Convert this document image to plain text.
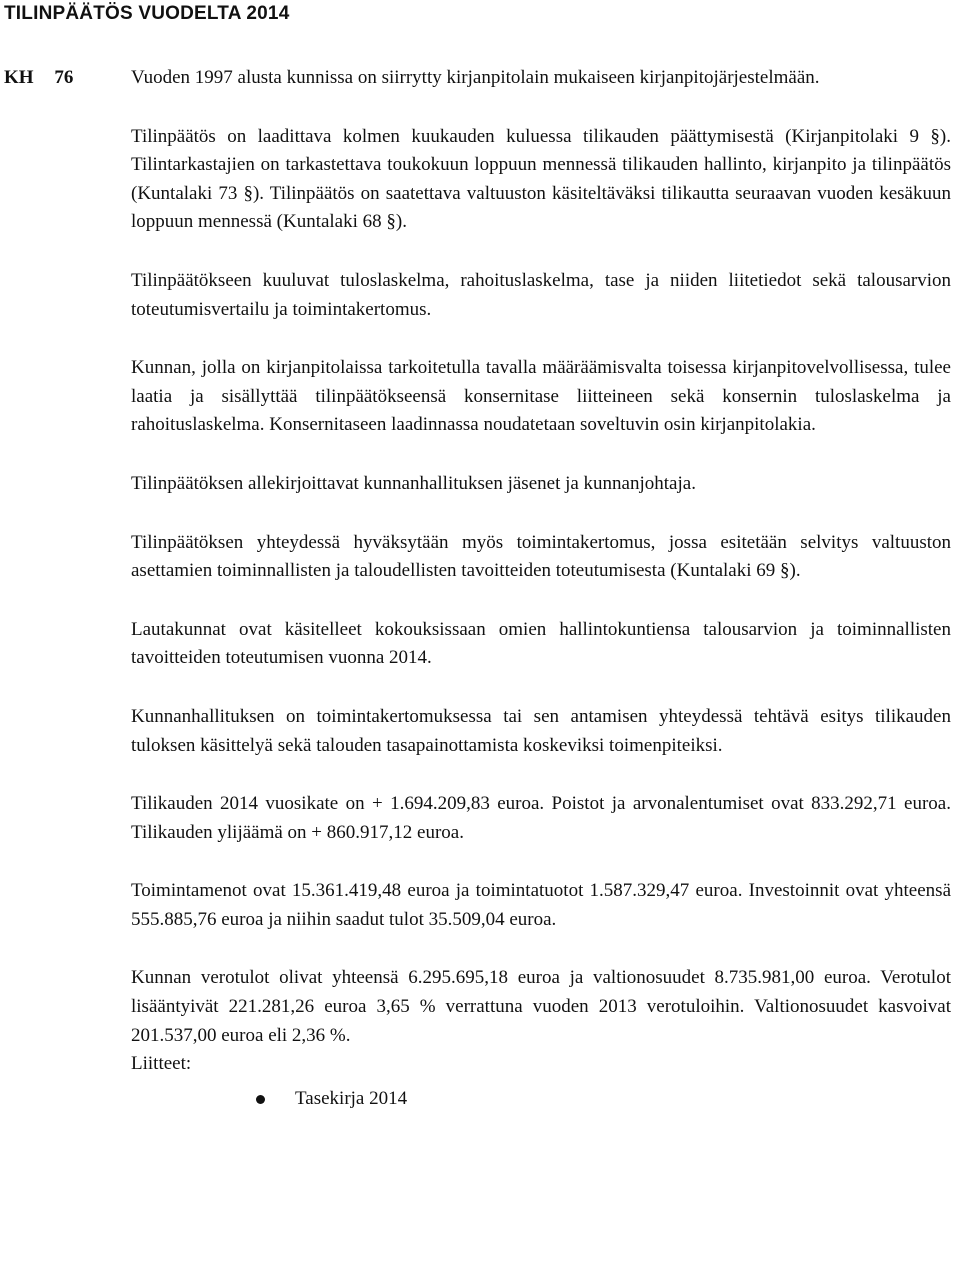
TILINPÄÄTÖS VUODELTA 2014
KH 76	Vuoden 1997 alusta kunnissa on siirrytty kirjanpitolain mukaiseen kirjanpitojärjestelmään.

Tilinpäätös on laadittava kolmen kuukauden kuluessa tilikauden päättymisestä (Kirjanpitolaki 9 §). Tilintarkastajien on tarkastettava toukokuun loppuun mennessä tilikauden hallinto, kirjanpito ja tilinpäätös (Kuntalaki 73 §). Tilinpäätös on saatettava valtuuston käsiteltäväksi tilikautta seuraavan vuoden kesäkuun loppuun mennessä (Kuntalaki 68 §).

Tilinpäätökseen kuuluvat tuloslaskelma, rahoituslaskelma, tase ja niiden liitetiedot sekä talousarvion toteutumisvertailu ja toimintakertomus.

Kunnan, jolla on kirjanpitolaissa tarkoitetulla tavalla määräämisvalta toisessa kirjanpitovelvollisessa, tulee laatia ja sisällyttää tilinpäätökseensä konsernitase liitteineen sekä konsernin tuloslaskelma ja rahoituslaskelma. Konsernitaseen laadinnassa noudatetaan soveltuvin osin kirjanpitolakia.

Tilinpäätöksen allekirjoittavat kunnanhallituksen jäsenet ja kunnanjohtaja.

Tilinpäätöksen yhteydessä hyväksytään myös toimintakertomus, jossa esitetään selvitys valtuuston asettamien toiminnallisten ja taloudellisten tavoitteiden toteutumisesta (Kuntalaki 69 §).

Lautakunnat ovat käsitelleet kokouksissaan omien hallintokuntiensa talousarvion ja toiminnallisten tavoitteiden toteutumisen vuonna 2014.

Kunnanhallituksen on toimintakertomuksessa tai sen antamisen yhteydessä tehtävä esitys tilikauden tuloksen käsittelyä sekä talouden tasapainottamista koskeviksi toimenpiteiksi.

Tilikauden 2014 vuosikate on + 1.694.209,83 euroa. Poistot ja arvonalentumiset ovat 833.292,71 euroa. Tilikauden ylijäämä on + 860.917,12 euroa.

Toimintamenot ovat 15.361.419,48 euroa ja toimintatuotot 1.587.329,47 euroa. Investoinnit ovat yhteensä 555.885,76 euroa ja niihin saadut tulot 35.509,04 euroa.

Kunnan verotulot olivat yhteensä 6.295.695,18 euroa ja valtionosuudet 8.735.981,00 euroa. Verotulot lisääntyivät 221.281,26 euroa 3,65 % verrattuna vuoden 2013 verotuloihin. Valtionosuudet kasvoivat 201.537,00 euroa eli 2,36 %.

Liitteet:

Tasekirja 2014
